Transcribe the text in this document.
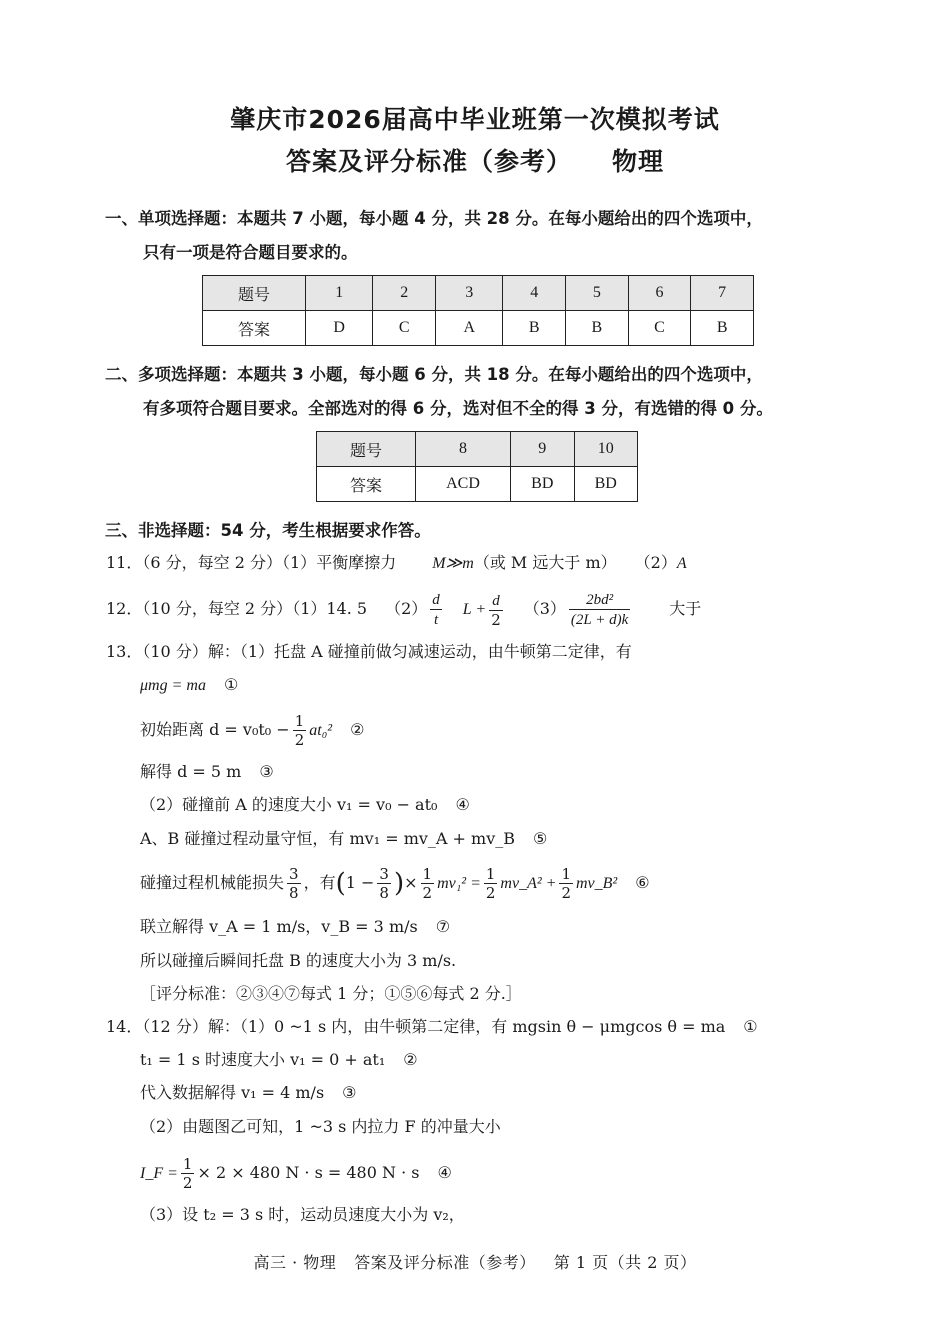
肇庆市2026届高中毕业班第一次模拟考试
答案及评分标准（参考） 物理
一、单项选择题：本题共 7 小题，每小题 4 分，共 28 分。在每小题给出的四个选项中，
只有一项是符合题目要求的。
题号	1	2	3	4	5	6	7
答案	D	C	A	B	B	C	B
二、多项选择题：本题共 3 小题，每小题 6 分，共 18 分。在每小题给出的四个选项中，
有多项符合题目要求。全部选对的得 6 分，选对但不全的得 3 分，有选错的得 0 分。
题号	8	9	10
答案	ACD	BD	BD
三、非选择题：54 分，考生根据要求作答。
11．（6 分，每空 2 分）（1）平衡摩擦力 M≫m（或 M 远大于 m） （2）A
12．（10 分，每空 2 分）（1）14. 5 $(2) \frac{d}{t}$ $L + \frac{d}{2} (3) \frac{\text{2bd²}}{(2L + d)k}$ 大于
13．（10 分）解：（1）托盘 A 碰撞前做匀减速运动，由牛顿第二定律，有
μmg = ma ①
初始距离 $d = v_0t_0 - \frac{1}{2} at_0^2$ ②
解得 d = 5 m ③
（2）碰撞前 A 的速度大小 v₁ = v₀ − at₀ ④
A、B 碰撞过程动量守恒，有 mv₁ = mv_A + mv_B ⑤
碰撞过程机械能损失 $\frac{3}{8}$ ，有($1 - \frac{3}{8}$ )× $\frac{1}{2} mv_1^2 = \frac{1}{2}$ mv_A² + $\frac{1}{2}$ mv_B² ⑥
联立解得 v_A = 1 m/s，v_B = 3 m/s ⑦
所以碰撞后瞬间托盘 B 的速度大小为 3 m/s.
［评分标准：②③④⑦每式 1 分；①⑤⑥每式 2 分.］
14．（12 分）解：（1）0 ~1 s 内，由牛顿第二定律，有 mgsin θ − μmgcos θ = ma ①
t₁ = 1 s 时速度大小 v₁ = 0 + at₁ ②
代入数据解得 v₁ = 4 m/s ③
（2）由题图乙可知，1 ~3 s 内拉力 F 的冲量大小
I_F = $\frac{1}{2} \times 2 \times 480$ N · s = 480 N · s ④
（3）设 t₂ = 3 s 时，运动员速度大小为 v₂，
高三 · 物理 答案及评分标准（参考） 第 1 页（共 2 页）
